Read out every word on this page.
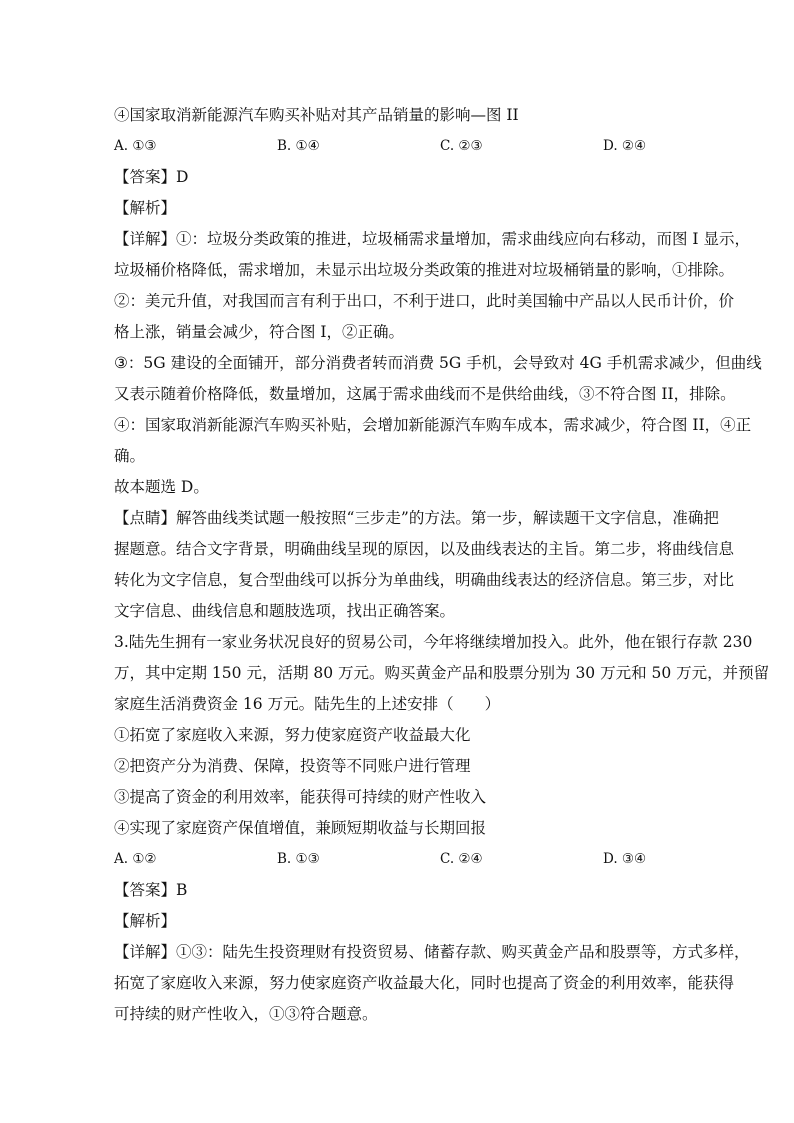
④国家取消新能源汽车购买补贴对其产品销量的影响—图 II
A. ①③	B. ①④	C. ②③	D. ②④
【答案】D
【解析】
【详解】①：垃圾分类政策的推进，垃圾桶需求量增加，需求曲线应向右移动，而图 I 显示，
垃圾桶价格降低，需求增加，未显示出垃圾分类政策的推进对垃圾桶销量的影响，①排除。
②：美元升值，对我国而言有利于出口，不利于进口，此时美国输中产品以人民币计价，价
格上涨，销量会减少，符合图 I，②正确。
③：5G 建设的全面铺开，部分消费者转而消费 5G 手机，会导致对 4G 手机需求减少，但曲线
又表示随着价格降低，数量增加，这属于需求曲线而不是供给曲线，③不符合图 II，排除。
④：国家取消新能源汽车购买补贴，会增加新能源汽车购车成本，需求减少，符合图 II，④正
确。
故本题选 D。
【点睛】解答曲线类试题一般按照“三步走”的方法。第一步，解读题干文字信息，准确把
握题意。结合文字背景，明确曲线呈现的原因，以及曲线表达的主旨。第二步，将曲线信息
转化为文字信息，复合型曲线可以拆分为单曲线，明确曲线表达的经济信息。第三步，对比
文字信息、曲线信息和题肢选项，找出正确答案。
3.陆先生拥有一家业务状况良好的贸易公司，今年将继续增加投入。此外，他在银行存款 230
万，其中定期 150 元，活期 80 万元。购买黄金产品和股票分别为 30 万元和 50 万元，并预留
家庭生活消费资金 16 万元。陆先生的上述安排（　　）
①拓宽了家庭收入来源，努力使家庭资产收益最大化
②把资产分为消费、保障，投资等不同账户进行管理
③提高了资金的利用效率，能获得可持续的财产性收入
④实现了家庭资产保值增值，兼顾短期收益与长期回报
A. ①②	B. ①③	C. ②④	D. ③④
【答案】B
【解析】
【详解】①③：陆先生投资理财有投资贸易、储蓄存款、购买黄金产品和股票等，方式多样，
拓宽了家庭收入来源，努力使家庭资产收益最大化，同时也提高了资金的利用效率，能获得
可持续的财产性收入，①③符合题意。
